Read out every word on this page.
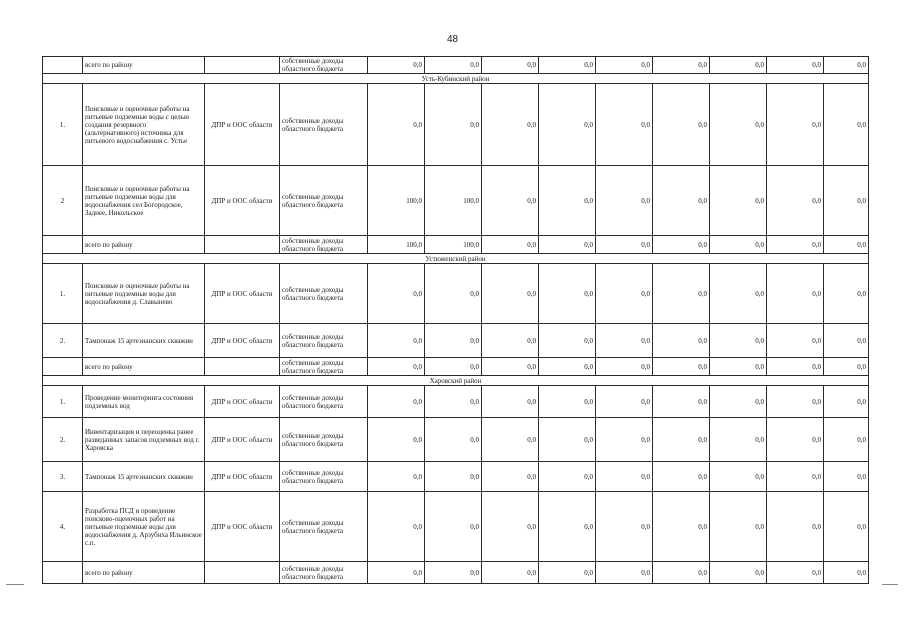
48
	всего по району		собственные доходы областного бюджета	0,0	0,0	0,0	0,0	0,0	0,0	0,0	0,0	0,0
Усть-Кубинский район												
1.	Поисковые и оценочные работы на питьевые подземные воды с целью создания резервного (альтернативного) источника для питьевого водоснабжения с. Устье	ДПР и ООС области	собственные доходы областного бюджета	0,0	0,0	0,0	0,0	0,0	0,0	0,0	0,0	0,0
2	Поисковые и оценочные работы на питьевые подземные воды для водоснабжения сел Богородское, Заднее, Никольское	ДПР и ООС области	собственные доходы областного бюджета	100,0	100,0	0,0	0,0	0,0	0,0	0,0	0,0	0,0
	всего по району		собственные доходы областного бюджета	100,0	100,0	0,0	0,0	0,0	0,0	0,0	0,0	0,0
Устюженский район												
1.	Поисковые и оценочные работы на питьевые подземные воды для водоснабжения д. Славынево	ДПР и ООС области	собственные доходы областного бюджета	0,0	0,0	0,0	0,0	0,0	0,0	0,0	0,0	0,0
2.	Тампонаж 15 артезианских скважин	ДПР и ООС области	собственные доходы областного бюджета	0,0	0,0	0,0	0,0	0,0	0,0	0,0	0,0	0,0
	всего по району		собственные доходы областного бюджета	0,0	0,0	0,0	0,0	0,0	0,0	0,0	0,0	0,0
Харовский район												
1.	Проведение мониторинга состояния подземных вод	ДПР и ООС области	собственные доходы областного бюджета	0,0	0,0	0,0	0,0	0,0	0,0	0,0	0,0	0,0
2.	Инвентаризация и переоценка ранее разведанных запасов подземных вод г. Харовска	ДПР и ООС области	собственные доходы областного бюджета	0,0	0,0	0,0	0,0	0,0	0,0	0,0	0,0	0,0
3.	Тампонаж 15 артезианских скважин	ДПР и ООС области	собственные доходы областного бюджета	0,0	0,0	0,0	0,0	0,0	0,0	0,0	0,0	0,0
4.	Разработка ПСД и проведение поисково-оценочных работ на питьевые подземные воды для водоснабжения д. Арзубиха Ильинское с.п.	ДПР и ООС области	собственные доходы областного бюджета	0,0	0,0	0,0	0,0	0,0	0,0	0,0	0,0	0,0
	всего по району		собственные доходы областного бюджета	0,0	0,0	0,0	0,0	0,0	0,0	0,0	0,0	0,0
